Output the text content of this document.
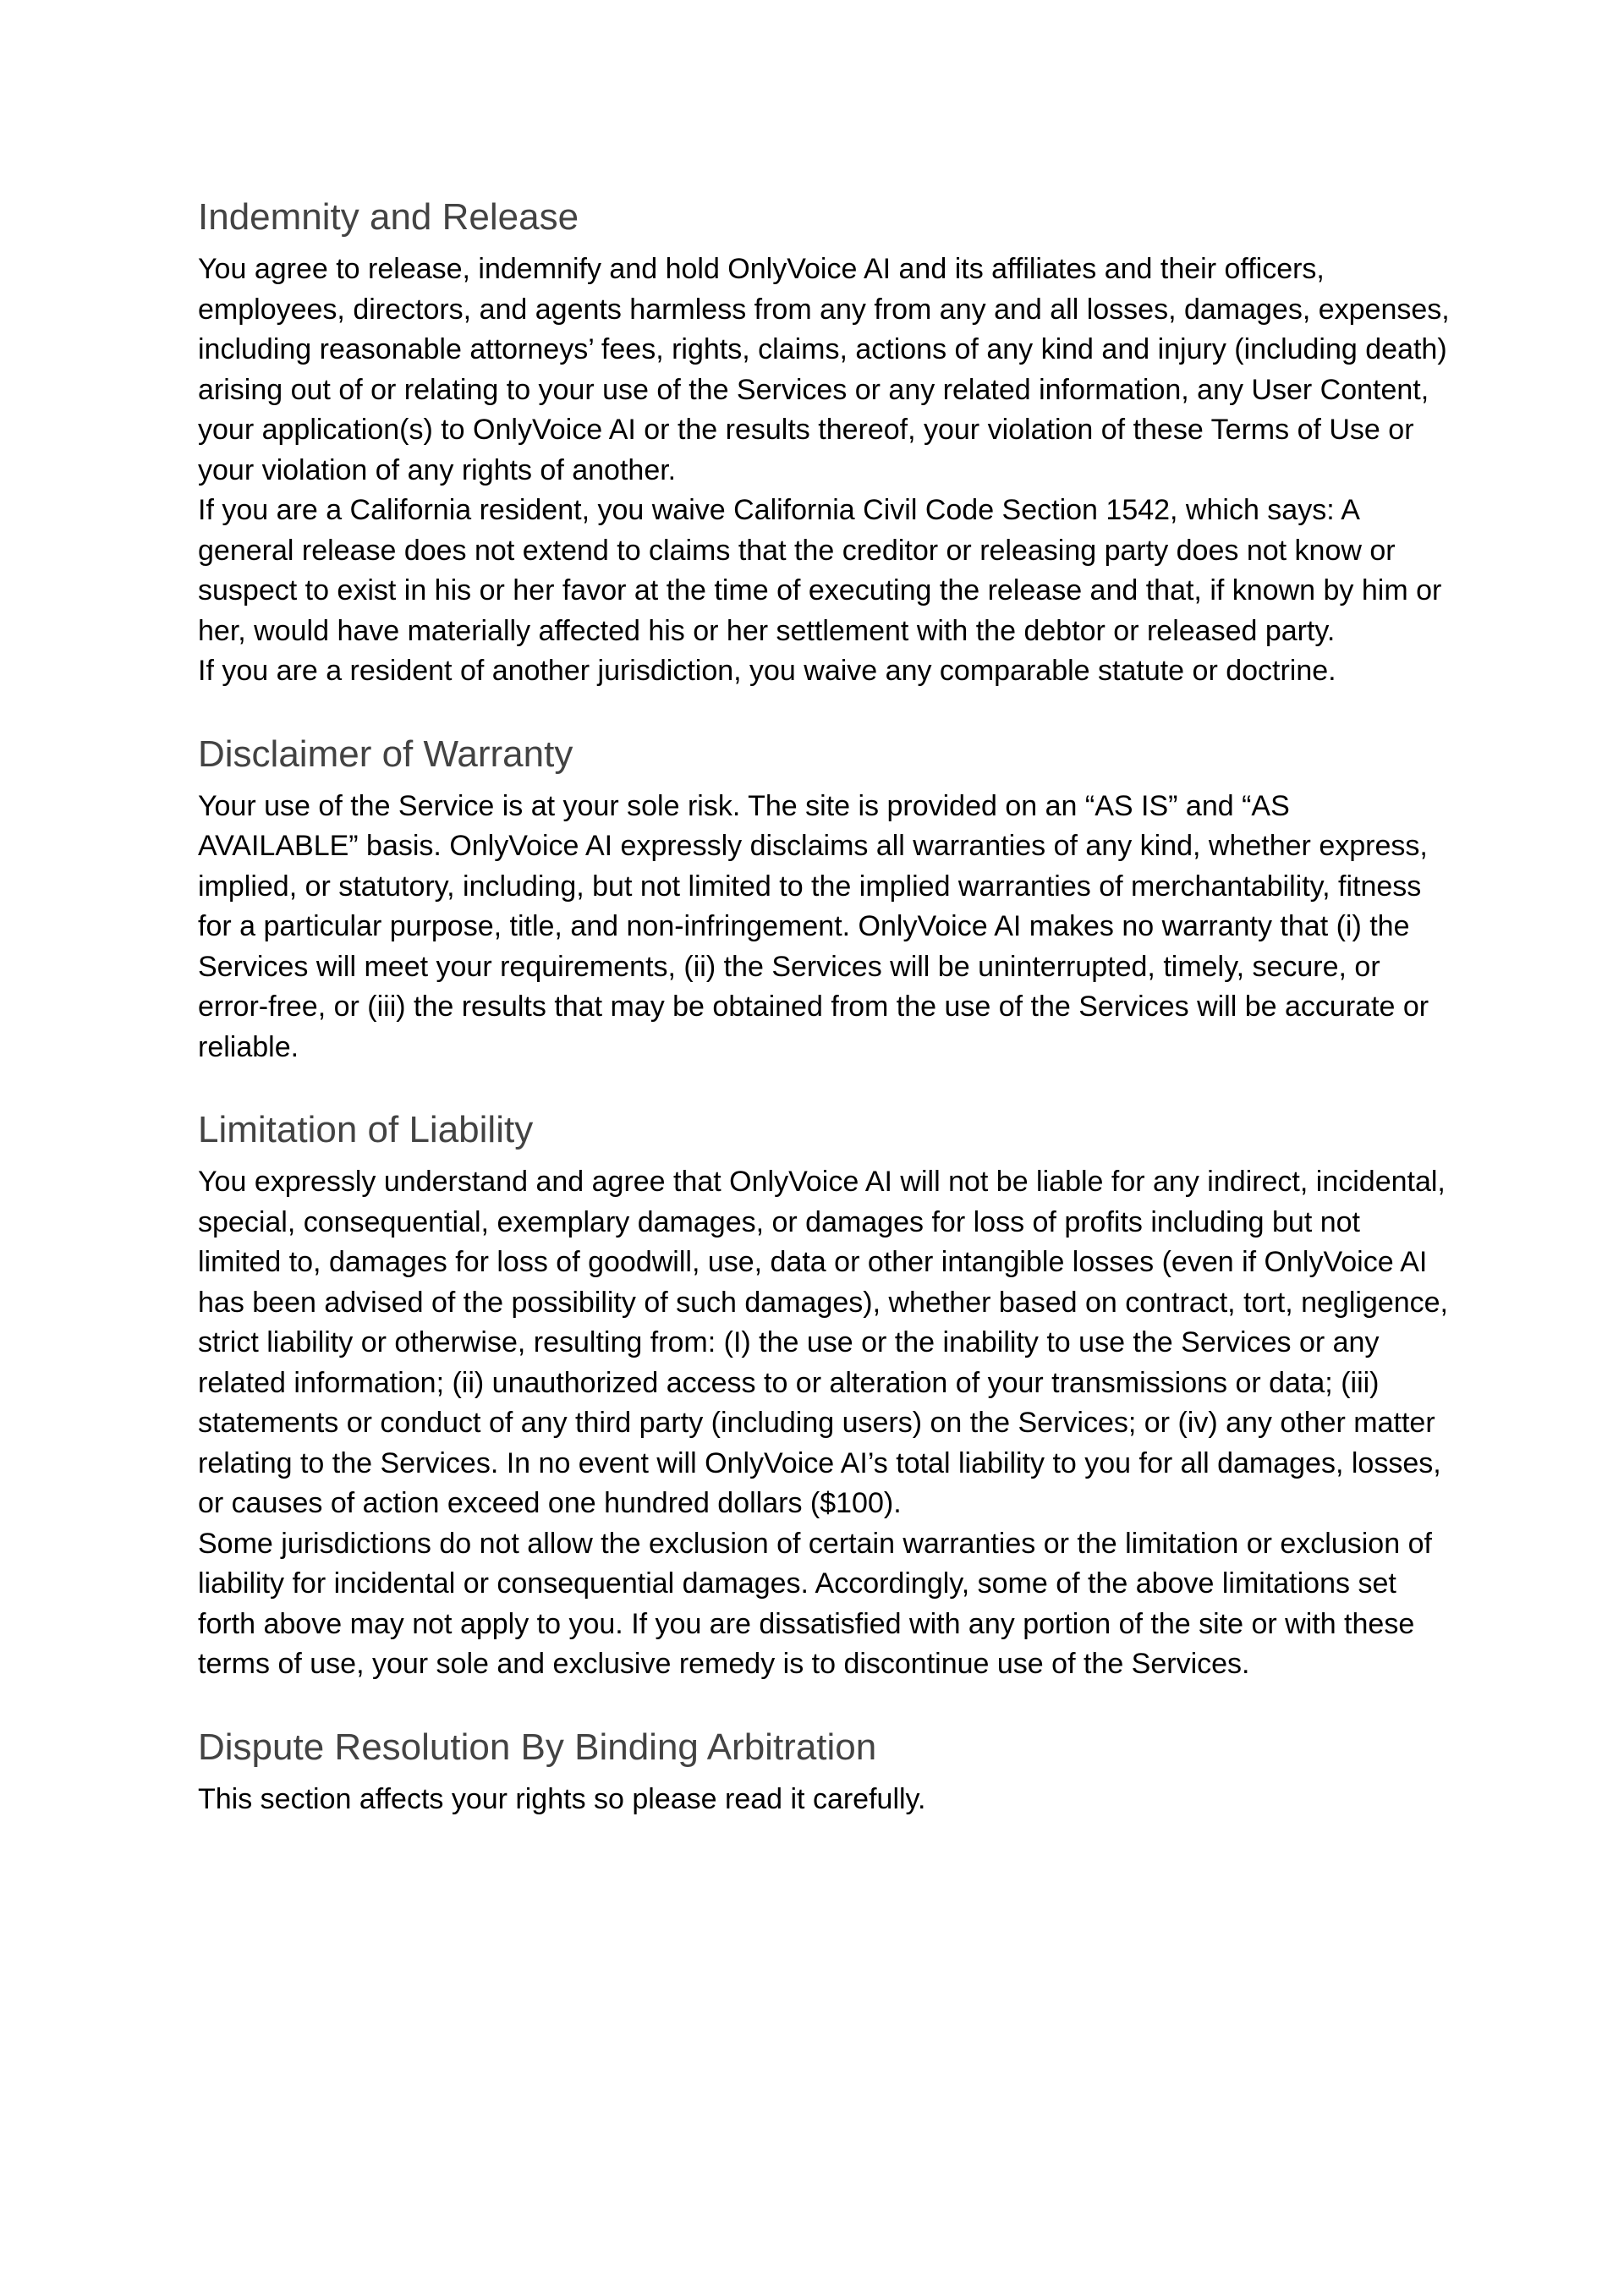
Indemnity and Release

You agree to release, indemnify and hold OnlyVoice AI and its affiliates and their officers, employees, directors, and agents harmless from any from any and all losses, damages, expenses, including reasonable attorneys’ fees, rights, claims, actions of any kind and injury (including death) arising out of or relating to your use of the Services or any related information, any User Content, your application(s) to OnlyVoice AI or the results thereof, your violation of these Terms of Use or your violation of any rights of another.

If you are a California resident, you waive California Civil Code Section 1542, which says: A general release does not extend to claims that the creditor or releasing party does not know or suspect to exist in his or her favor at the time of executing the release and that, if known by him or her, would have materially affected his or her settlement with the debtor or released party.

If you are a resident of another jurisdiction, you waive any comparable statute or doctrine.

Disclaimer of Warranty

Your use of the Service is at your sole risk. The site is provided on an “AS IS” and “AS AVAILABLE” basis. OnlyVoice AI expressly disclaims all warranties of any kind, whether express, implied, or statutory, including, but not limited to the implied warranties of merchantability, fitness for a particular purpose, title, and non-infringement. OnlyVoice AI makes no warranty that (i) the Services will meet your requirements, (ii) the Services will be uninterrupted, timely, secure, or error-free, or (iii) the results that may be obtained from the use of the Services will be accurate or reliable.

Limitation of Liability

You expressly understand and agree that OnlyVoice AI will not be liable for any indirect, incidental, special, consequential, exemplary damages, or damages for loss of profits including but not limited to, damages for loss of goodwill, use, data or other intangible losses (even if OnlyVoice AI has been advised of the possibility of such damages), whether based on contract, tort, negligence, strict liability or otherwise, resulting from: (I) the use or the inability to use the Services or any related information; (ii) unauthorized access to or alteration of your transmissions or data; (iii) statements or conduct of any third party (including users) on the Services; or (iv) any other matter relating to the Services. In no event will OnlyVoice AI’s total liability to you for all damages, losses, or causes of action exceed one hundred dollars ($100).

Some jurisdictions do not allow the exclusion of certain warranties or the limitation or exclusion of liability for incidental or consequential damages. Accordingly, some of the above limitations set forth above may not apply to you. If you are dissatisfied with any portion of the site or with these terms of use, your sole and exclusive remedy is to discontinue use of the Services.

Dispute Resolution By Binding Arbitration

This section affects your rights so please read it carefully.
